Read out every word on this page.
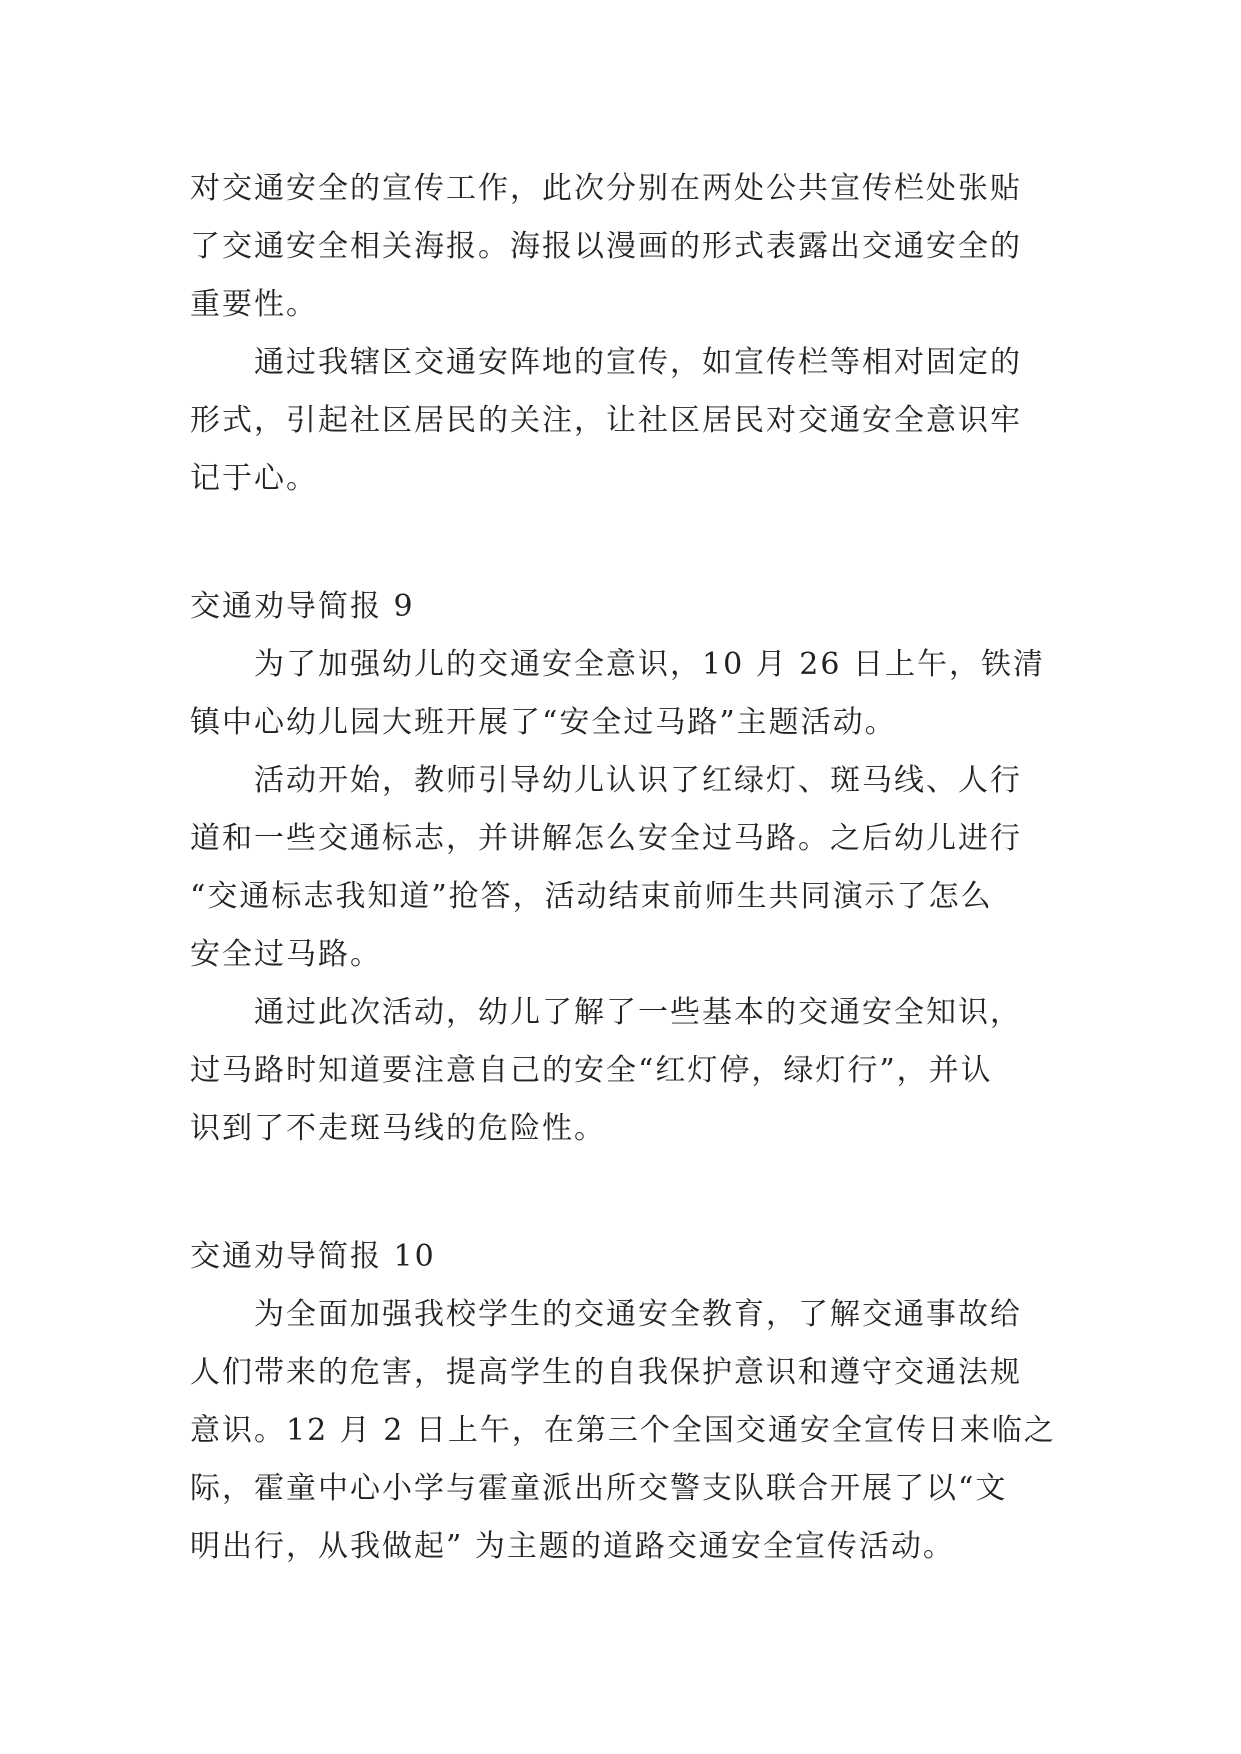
对交通安全的宣传工作，此次分别在两处公共宣传栏处张贴
了交通安全相关海报。海报以漫画的形式表露出交通安全的
重要性。
通过我辖区交通安阵地的宣传，如宣传栏等相对固定的
形式，引起社区居民的关注，让社区居民对交通安全意识牢
记于心。
交通劝导简报 9
为了加强幼儿的交通安全意识，10 月 26 日上午，铁清
镇中心幼儿园大班开展了“安全过马路”主题活动。
活动开始，教师引导幼儿认识了红绿灯、斑马线、人行
道和一些交通标志，并讲解怎么安全过马路。之后幼儿进行
“交通标志我知道”抢答，活动结束前师生共同演示了怎么
安全过马路。
通过此次活动，幼儿了解了一些基本的交通安全知识，
过马路时知道要注意自己的安全“红灯停，绿灯行”，并认
识到了不走斑马线的危险性。
交通劝导简报 10
为全面加强我校学生的交通安全教育，了解交通事故给
人们带来的危害，提高学生的自我保护意识和遵守交通法规
意识。12 月 2 日上午，在第三个全国交通安全宣传日来临之
际，霍童中心小学与霍童派出所交警支队联合开展了以“文
明出行，从我做起” 为主题的道路交通安全宣传活动。
